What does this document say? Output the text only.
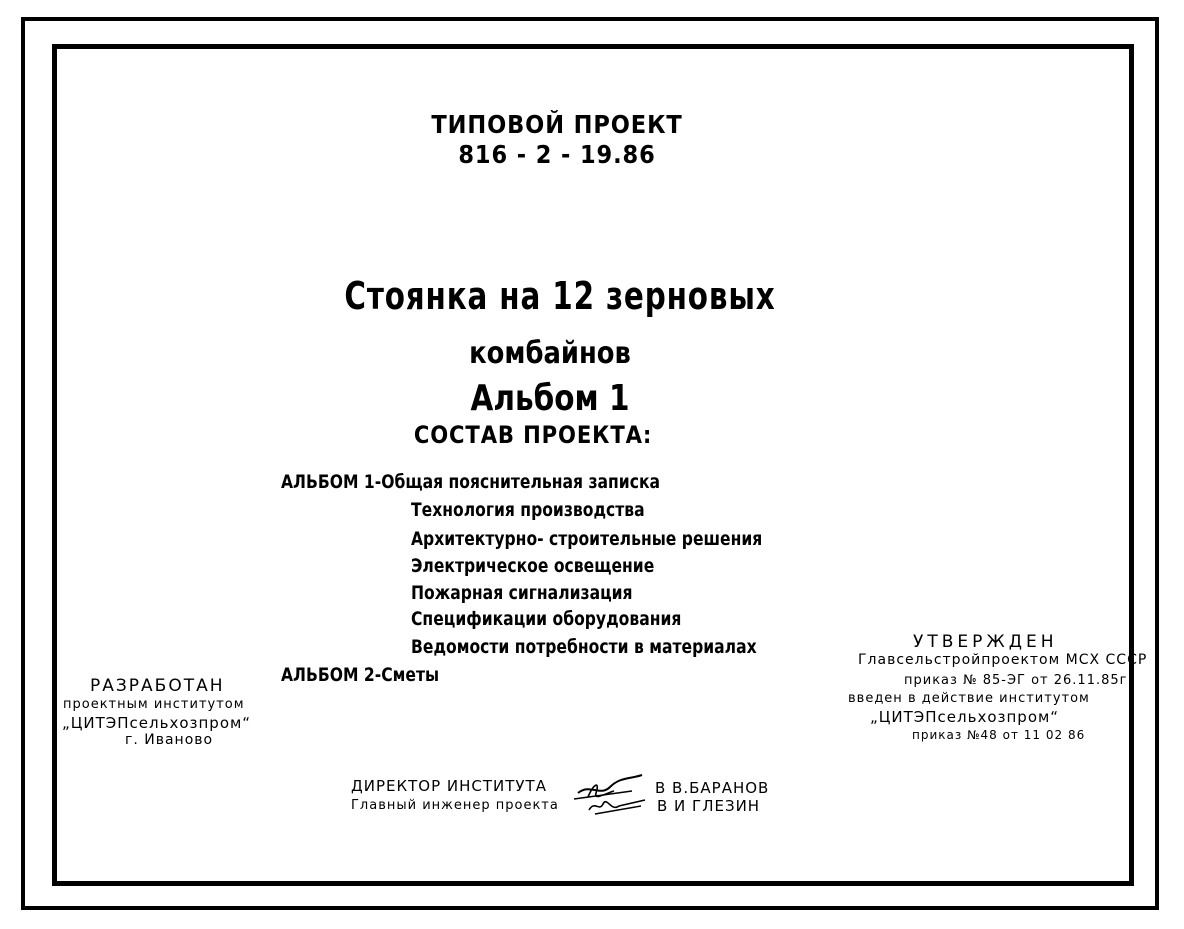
ТИПОВОЙ ПРОЕКТ
816 - 2 - 19.86
Стоянка на 12 зерновых
комбайнов
Альбом 1
СОСТАВ ПРОЕКТА:
АЛЬБОМ 1-Общая пояснительная записка
Технология производства
Архитектурно- строительные решения
Электрическое освещение
Пожарная сигнализация
Спецификации оборудования
Ведомости потребности в материалах
АЛЬБОМ 2-Сметы
РАЗРАБОТАН
проектным институтом
„ЦИТЭПсельхозпром“
г. Иваново
УТВЕРЖДЕН
Главсельстройпроектом МСХ СССР
приказ № 85-ЭГ от 26.11.85г
введен в действие институтом
„ЦИТЭПсельхозпром“
приказ №48 от 11 02 86
ДИРЕКТОР ИНСТИТУТА	В В.БАРАНОВ
Главный инженер проекта	В И ГЛЕЗИН
